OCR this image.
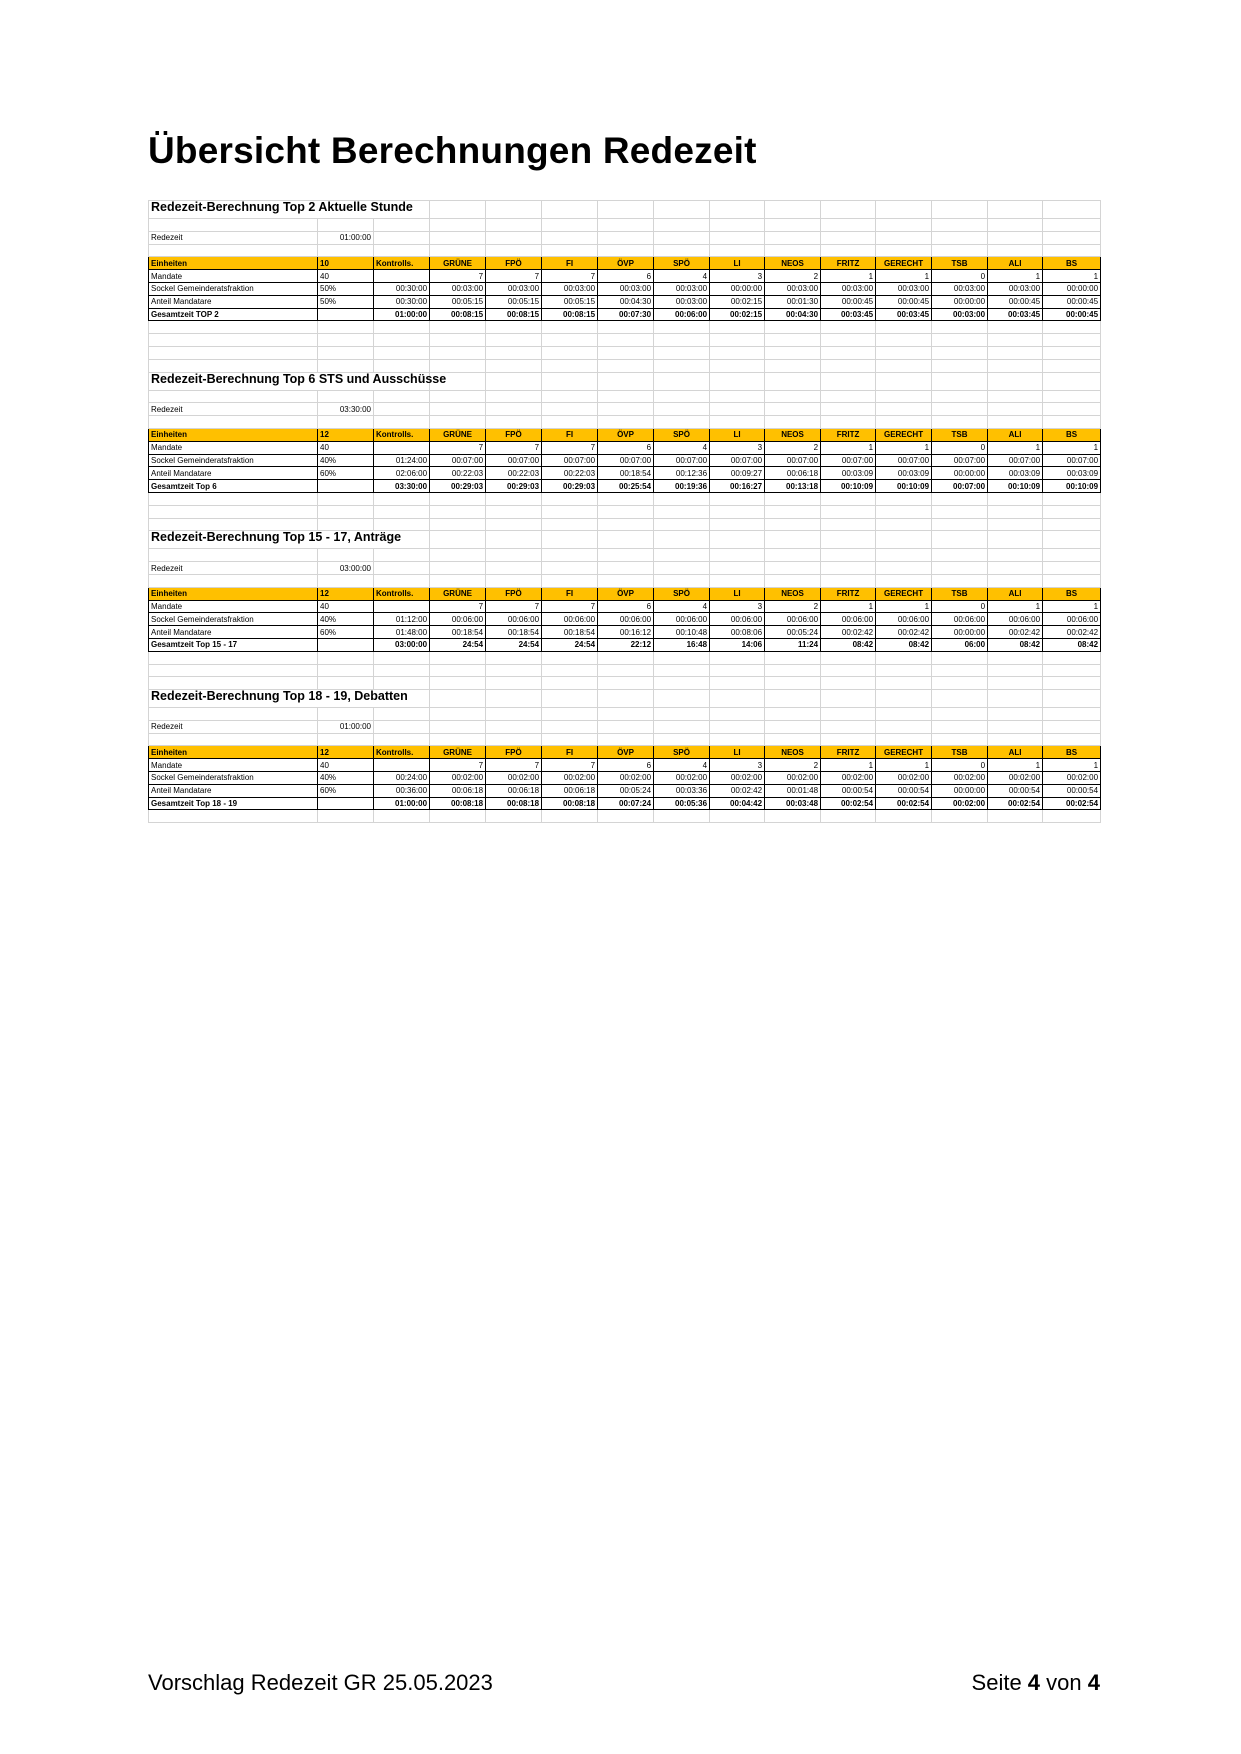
Übersicht Berechnungen Redezeit
Redezeit-Berechnung Top 2 Aktuelle Stunde														

Redezeit	01:00:00													

Einheiten	10	Kontrolls.	GRÜNE	FPÖ	FI	ÖVP	SPÖ	LI	NEOS	FRITZ	GERECHT	TSB	ALI	BS
Mandate	40		7	7	7	6	4	3	2	1	1	0	1	1
Sockel Gemeinderatsfraktion	50%	00:30:00	00:03:00	00:03:00	00:03:00	00:03:00	00:03:00	00:00:00	00:03:00	00:03:00	00:03:00	00:03:00	00:03:00	00:00:00
Anteil Mandatare	50%	00:30:00	00:05:15	00:05:15	00:05:15	00:04:30	00:03:00	00:02:15	00:01:30	00:00:45	00:00:45	00:00:00	00:00:45	00:00:45
Gesamtzeit TOP 2		01:00:00	00:08:15	00:08:15	00:08:15	00:07:30	00:06:00	00:02:15	00:04:30	00:03:45	00:03:45	00:03:00	00:03:45	00:00:45

Redezeit-Berechnung Top 6 STS und Ausschüsse														

Redezeit	03:30:00													

Einheiten	12	Kontrolls.	GRÜNE	FPÖ	FI	ÖVP	SPÖ	LI	NEOS	FRITZ	GERECHT	TSB	ALI	BS
Mandate	40		7	7	7	6	4	3	2	1	1	0	1	1
Sockel Gemeinderatsfraktion	40%	01:24:00	00:07:00	00:07:00	00:07:00	00:07:00	00:07:00	00:07:00	00:07:00	00:07:00	00:07:00	00:07:00	00:07:00	00:07:00
Anteil Mandatare	60%	02:06:00	00:22:03	00:22:03	00:22:03	00:18:54	00:12:36	00:09:27	00:06:18	00:03:09	00:03:09	00:00:00	00:03:09	00:03:09
Gesamtzeit Top 6		03:30:00	00:29:03	00:29:03	00:29:03	00:25:54	00:19:36	00:16:27	00:13:18	00:10:09	00:10:09	00:07:00	00:10:09	00:10:09

Redezeit-Berechnung Top 15 - 17, Anträge														

Redezeit	03:00:00													

Einheiten	12	Kontrolls.	GRÜNE	FPÖ	FI	ÖVP	SPÖ	LI	NEOS	FRITZ	GERECHT	TSB	ALI	BS
Mandate	40		7	7	7	6	4	3	2	1	1	0	1	1
Sockel Gemeinderatsfraktion	40%	01:12:00	00:06:00	00:06:00	00:06:00	00:06:00	00:06:00	00:06:00	00:06:00	00:06:00	00:06:00	00:06:00	00:06:00	00:06:00
Anteil Mandatare	60%	01:48:00	00:18:54	00:18:54	00:18:54	00:16:12	00:10:48	00:08:06	00:05:24	00:02:42	00:02:42	00:00:00	00:02:42	00:02:42
Gesamtzeit Top 15 - 17		03:00:00	24:54	24:54	24:54	22:12	16:48	14:06	11:24	08:42	08:42	06:00	08:42	08:42

Redezeit-Berechnung Top 18 - 19, Debatten														

Redezeit	01:00:00													

Einheiten	12	Kontrolls.	GRÜNE	FPÖ	FI	ÖVP	SPÖ	LI	NEOS	FRITZ	GERECHT	TSB	ALI	BS
Mandate	40		7	7	7	6	4	3	2	1	1	0	1	1
Sockel Gemeinderatsfraktion	40%	00:24:00	00:02:00	00:02:00	00:02:00	00:02:00	00:02:00	00:02:00	00:02:00	00:02:00	00:02:00	00:02:00	00:02:00	00:02:00
Anteil Mandatare	60%	00:36:00	00:06:18	00:06:18	00:06:18	00:05:24	00:03:36	00:02:42	00:01:48	00:00:54	00:00:54	00:00:00	00:00:54	00:00:54
Gesamtzeit Top 18 - 19		01:00:00	00:08:18	00:08:18	00:08:18	00:07:24	00:05:36	00:04:42	00:03:48	00:02:54	00:02:54	00:02:00	00:02:54	00:02:54

Vorschlag Redezeit GR 25.05.2023	Seite 4 von 4
